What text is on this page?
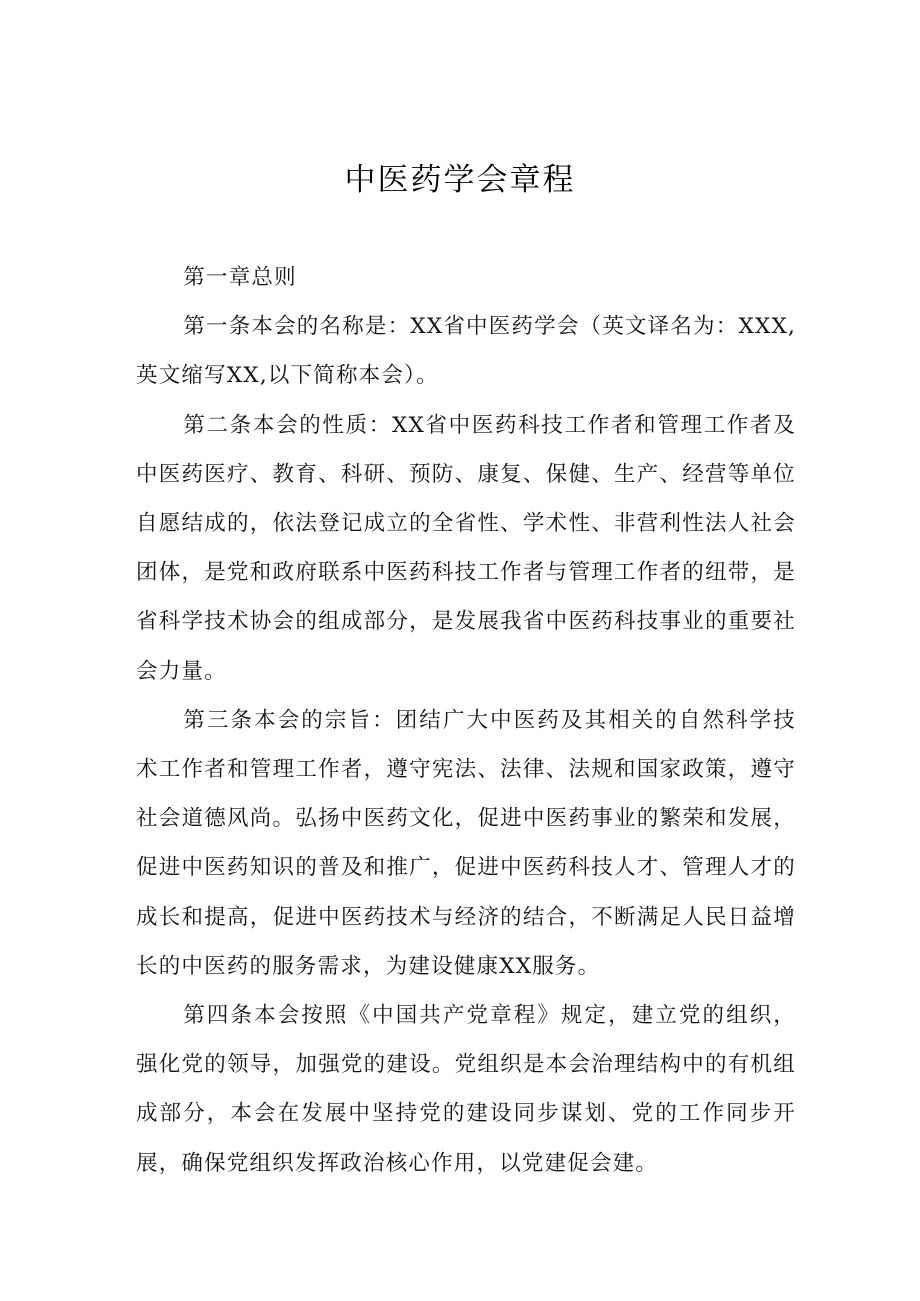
中医药学会章程

第一章总则

第一条本会的名称是：XX省中医药学会（英文译名为：XXX,英文缩写XX,以下简称本会）。

第二条本会的性质：XX省中医药科技工作者和管理工作者及中医药医疗、教育、科研、预防、康复、保健、生产、经营等单位自愿结成的，依法登记成立的全省性、学术性、非营利性法人社会团体，是党和政府联系中医药科技工作者与管理工作者的纽带，是省科学技术协会的组成部分，是发展我省中医药科技事业的重要社会力量。

第三条本会的宗旨：团结广大中医药及其相关的自然科学技术工作者和管理工作者，遵守宪法、法律、法规和国家政策，遵守社会道德风尚。弘扬中医药文化，促进中医药事业的繁荣和发展，促进中医药知识的普及和推广，促进中医药科技人才、管理人才的成长和提高，促进中医药技术与经济的结合，不断满足人民日益增长的中医药的服务需求，为建设健康XX服务。

第四条本会按照《中国共产党章程》规定，建立党的组织，强化党的领导，加强党的建设。党组织是本会治理结构中的有机组成部分，本会在发展中坚持党的建设同步谋划、党的工作同步开展，确保党组织发挥政治核心作用，以党建促会建。
